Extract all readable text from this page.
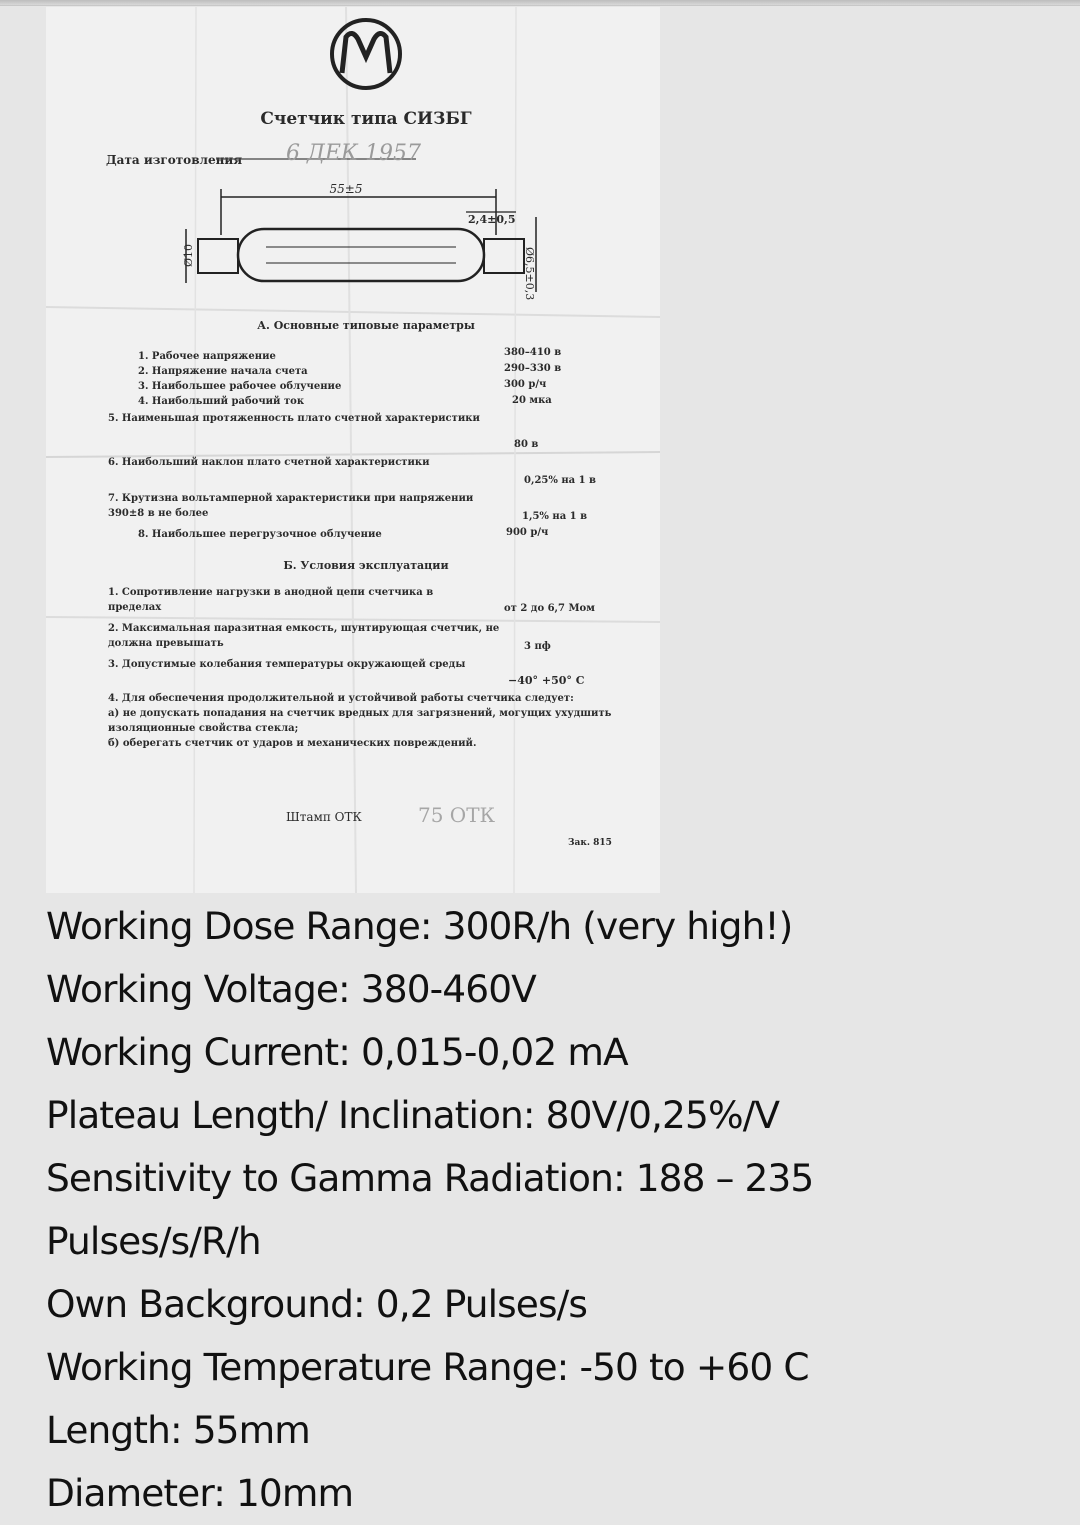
Счетчик типа СИЗБГ
Дата изготовления 6 ДЕК 1957
55±5
2,4±0,5
Ø10	Ø6,5±0,3
А. Основные типовые параметры
1. Рабочее напряжение	380–410 в
2. Напряжение начала счета	290–330 в
3. Наибольшее рабочее облучение	300 р/ч
4. Наибольший рабочий ток	20 мка
5. Наименьшая протяженность плато счетной характеристики
80 в
6. Наибольший наклон плато счетной характеристики
0,25% на 1 в
7. Крутизна вольтамперной характеристики при напряжении 390±8 в не более	1,5% на 1 в
8. Наибольшее перегрузочное облучение	900 р/ч
Б. Условия эксплуатации
1. Сопротивление нагрузки в анодной цепи счетчика в пределах	от 2 до 6,7 Мом
2. Максимальная паразитная емкость, шунтирующая счетчик, не должна превышать	3 пф
3. Допустимые колебания температуры окружающей среды
−40° +50° С
4. Для обеспечения продолжительной и устойчивой работы счетчика следует:
а) не допускать попадания на счетчик вредных для загрязнений, могущих ухудшить изоляционные свойства стекла;
б) оберегать счетчик от ударов и механических повреждений.
Штамп ОТК	75 ОТК
Зак. 815
Working Dose Range: 300R/h (very high!)
Working Voltage: 380-460V
Working Current: 0,015-0,02 mA
Plateau Length/ Inclination: 80V/0,25%/V
Sensitivity to Gamma Radiation: 188 – 235 Pulses/s/R/h
Own Background: 0,2 Pulses/s
Working Temperature Range: -50 to +60 C
Length: 55mm
Diameter: 10mm
